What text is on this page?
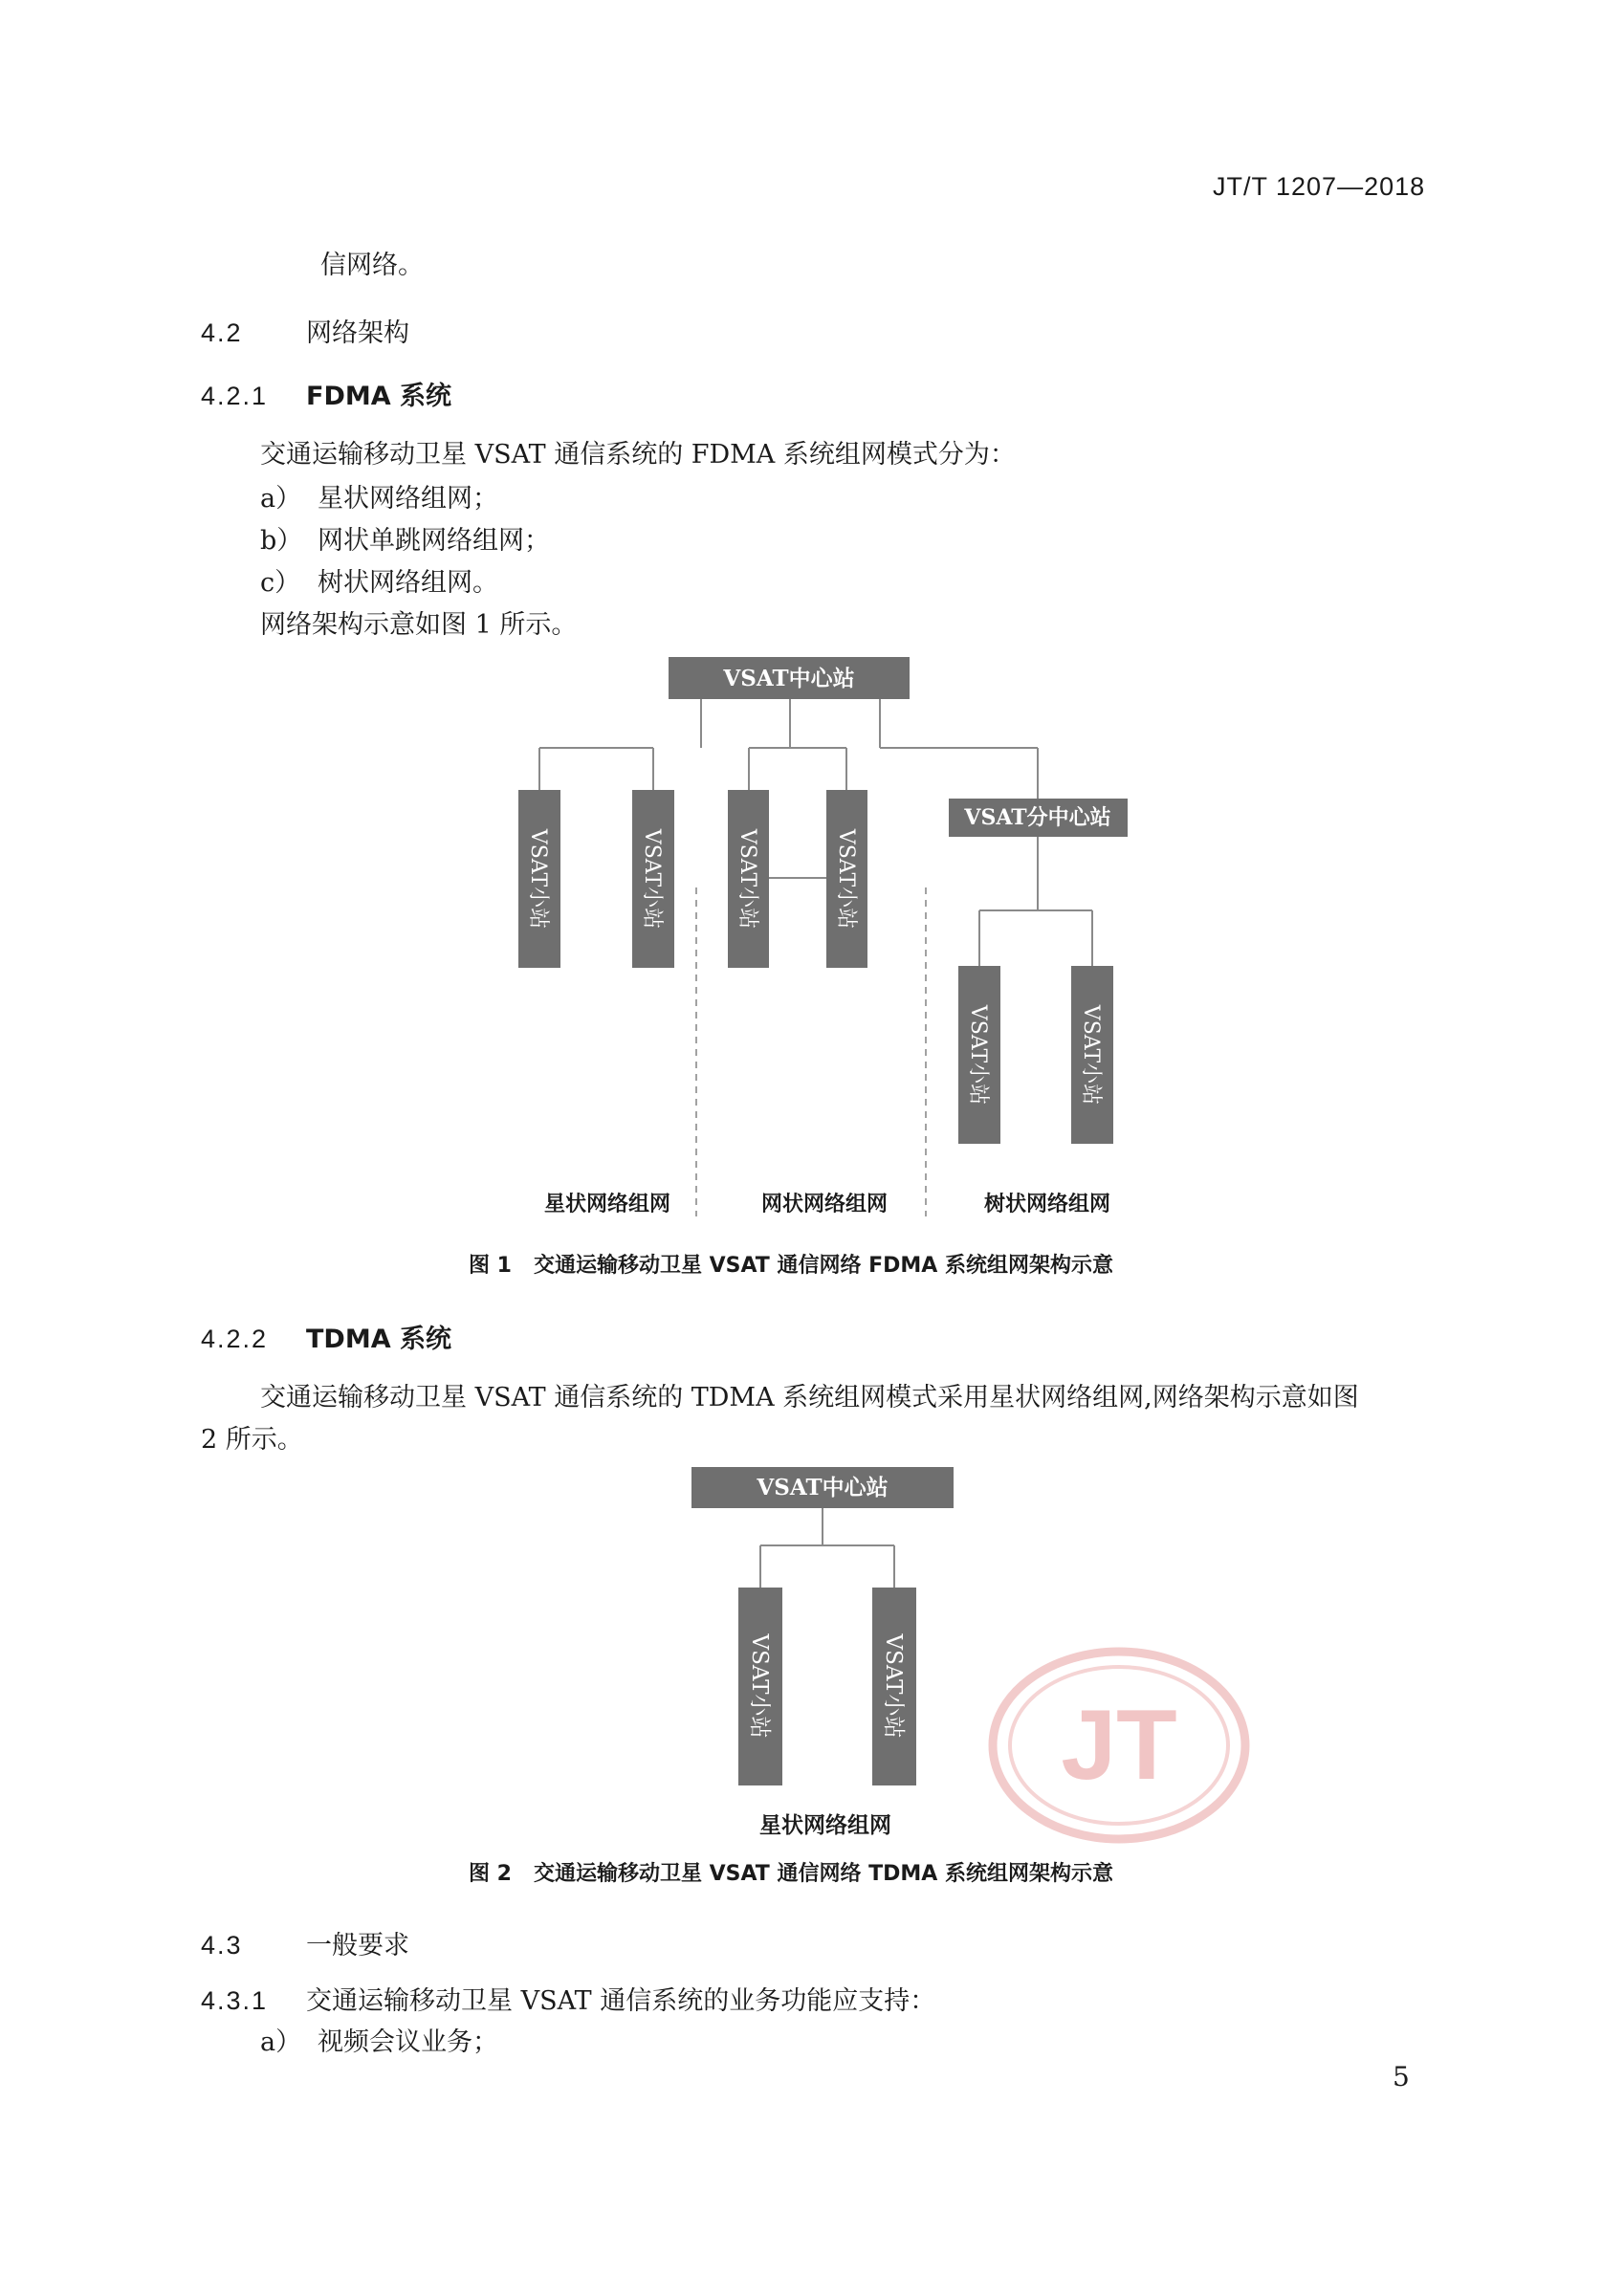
JT/T 1207—2018
信网络。
4.2 网络架构
4.2.1 FDMA 系统
交通运输移动卫星 VSAT 通信系统的 FDMA 系统组网模式分为：
a） 星状网络组网；
b） 网状单跳网络组网；
c） 树状网络组网。
网络架构示意如图 1 所示。
VSAT中心站
VSAT分中心站
VSAT小站	VSAT小站	VSAT小站	VSAT小站
VSAT小站	VSAT小站
星状网络组网	网状网络组网	树状网络组网
图 1 交通运输移动卫星 VSAT 通信网络 FDMA 系统组网架构示意
4.2.2 TDMA 系统
交通运输移动卫星 VSAT 通信系统的 TDMA 系统组网模式采用星状网络组网,网络架构示意如图
2 所示。
JT
VSAT中心站
VSAT小站	VSAT小站
星状网络组网
图 2 交通运输移动卫星 VSAT 通信网络 TDMA 系统组网架构示意
4.3 一般要求
4.3.1 交通运输移动卫星 VSAT 通信系统的业务功能应支持：
a） 视频会议业务；
5
